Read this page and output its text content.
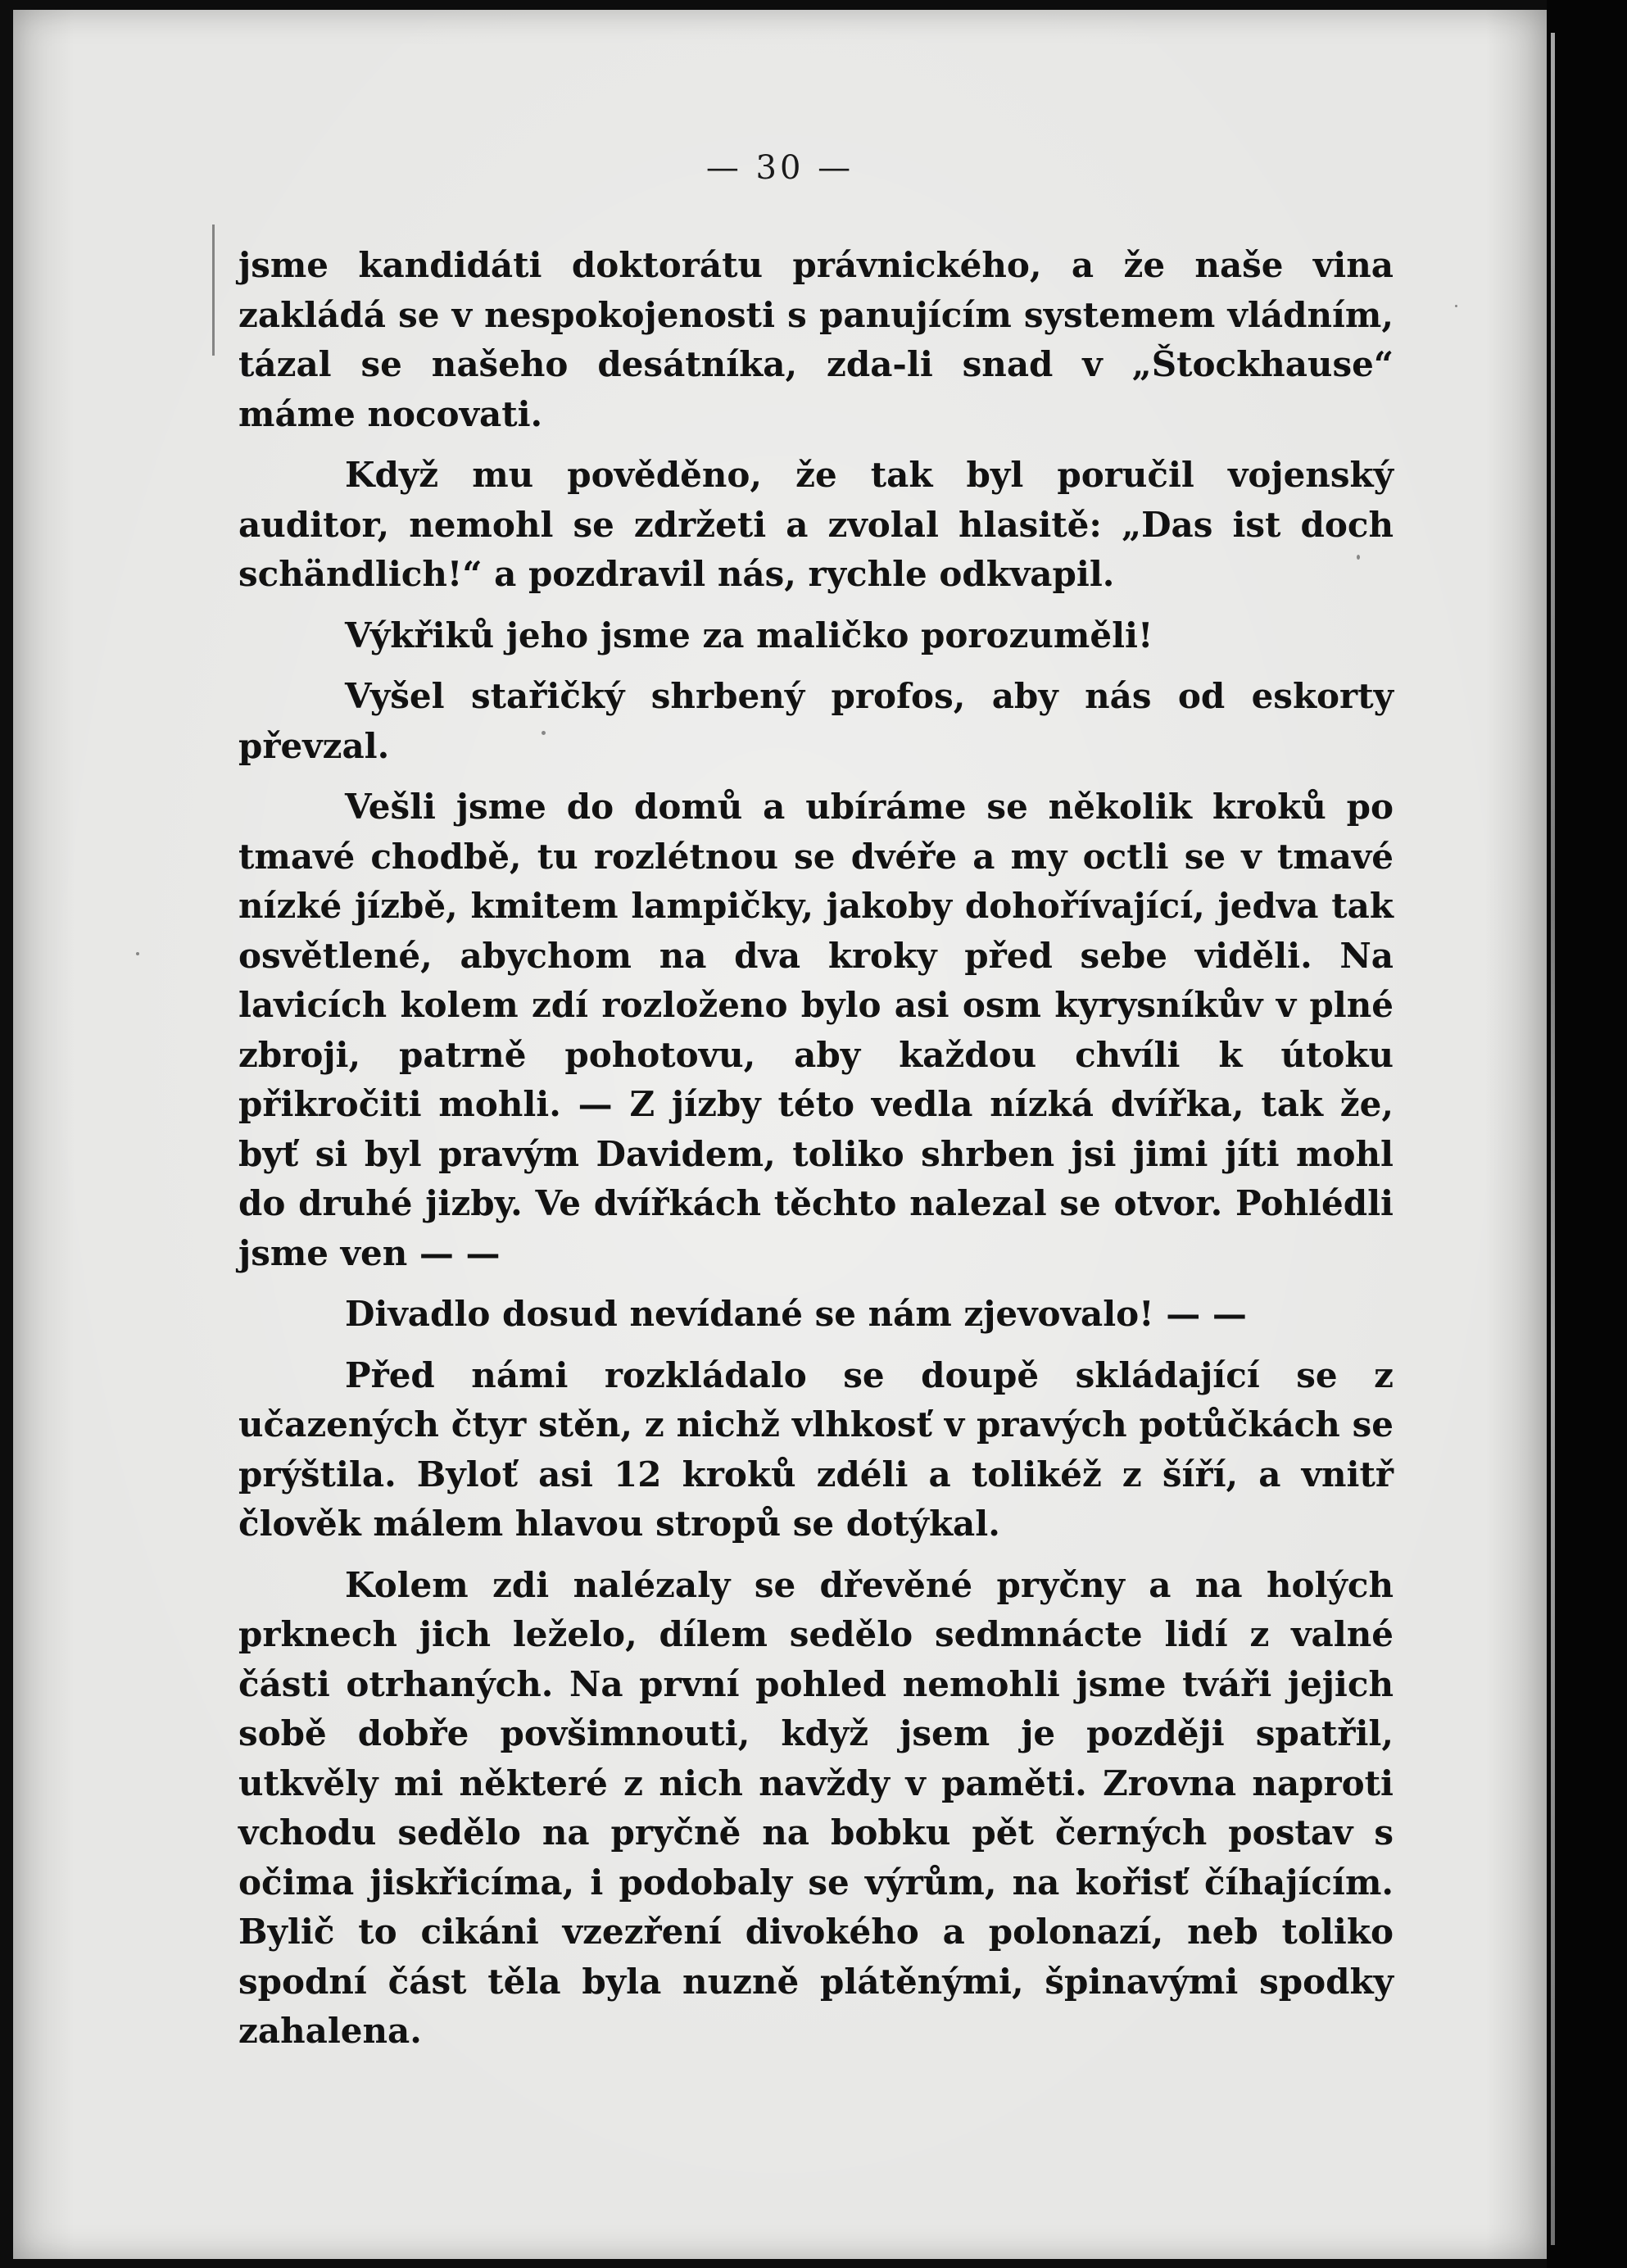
— 30 —

jsme kandidáti doktorátu právnického, a že naše vina zakládá se v nespokojenosti s panujícím systemem vládním, tázal se našeho desátníka, zda-li snad v „Štockhause“ máme nocovati.

Když mu pověděno, že tak byl poručil vojenský auditor, nemohl se zdržeti a zvolal hlasitě: „Das ist doch schändlich!“ a pozdravil nás, rychle odkvapil.

Výkřiků jeho jsme za maličko porozuměli!

Vyšel stařičký shrbený profos, aby nás od eskorty převzal.

Vešli jsme do domů a ubíráme se několik kroků po tmavé chodbě, tu rozlétnou se dvéře a my octli se v tmavé nízké jízbě, kmitem lampičky, jakoby dohořívající, jedva tak osvětlené, abychom na dva kroky před sebe viděli. Na lavicích kolem zdí rozloženo bylo asi osm kyrysníkův v plné zbroji, patrně pohotovu, aby každou chvíli k útoku přikročiti mohli. — Z jízby této vedla nízká dvířka, tak že, byť si byl pravým Davidem, toliko shrben jsi jimi jíti mohl do druhé jizby. Ve dvířkách těchto nalezal se otvor. Pohlédli jsme ven — —

Divadlo dosud nevídané se nám zjevovalo! — —

Před námi rozkládalo se doupě skládající se z učazených čtyr stěn, z nichž vlhkosť v pravých potůčkách se prýštila. Byloť asi 12 kroků zdéli a tolikéž z šíří, a vnitř člověk málem hlavou stropů se dotýkal.

Kolem zdi nalézaly se dřevěné pryčny a na holých prknech jich leželo, dílem sedělo sedmnácte lidí z valné části otrhaných. Na první pohled nemohli jsme tváři jejich sobě dobře povšimnouti, když jsem je později spatřil, utkvěly mi některé z nich navždy v paměti. Zrovna naproti vchodu sedělo na pryčně na bobku pět černých postav s očima jiskřicíma, i podobaly se výrům, na kořisť číhajícím. Bylič to cikáni vzezření divokého a polonazí, neb toliko spodní část těla byla nuzně plátěnými, špinavými spodky zahalena.
